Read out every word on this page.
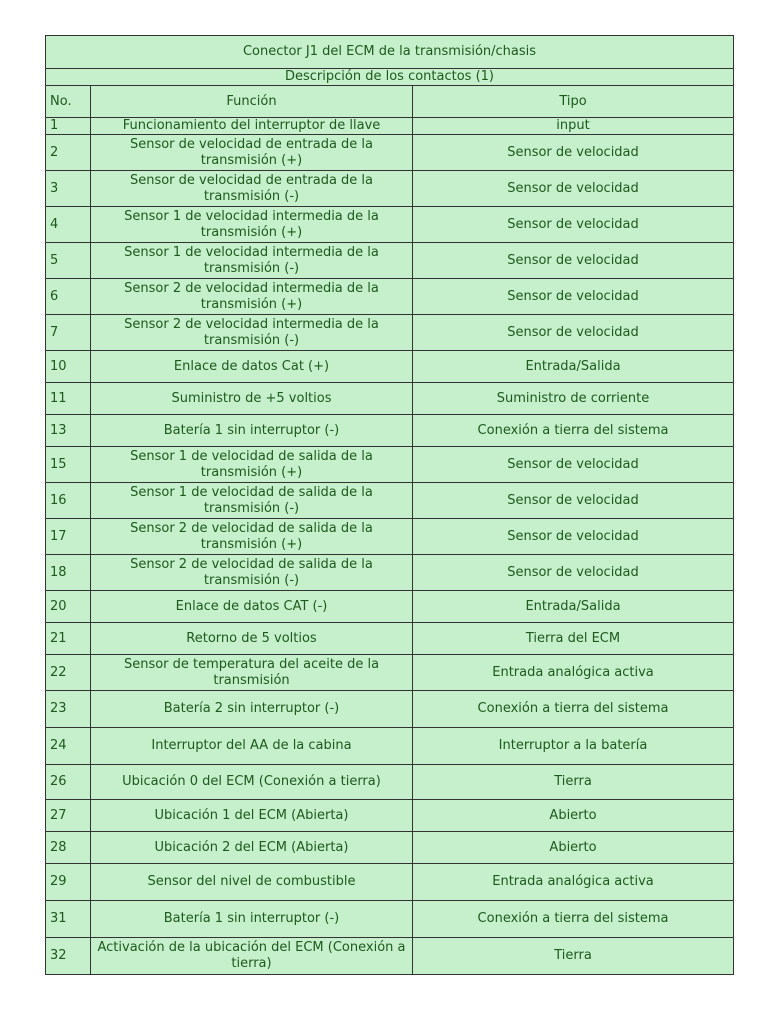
Conector J1 del ECM de la transmisión/chasis		
Descripción de los contactos (1)		
No.	Función	Tipo
1	Funcionamiento del interruptor de llave	input
2	Sensor de velocidad de entrada de la transmisión (+)	Sensor de velocidad
3	Sensor de velocidad de entrada de la transmisión (-)	Sensor de velocidad
4	Sensor 1 de velocidad intermedia de la transmisión (+)	Sensor de velocidad
5	Sensor 1 de velocidad intermedia de la transmisión (-)	Sensor de velocidad
6	Sensor 2 de velocidad intermedia de la transmisión (+)	Sensor de velocidad
7	Sensor 2 de velocidad intermedia de la transmisión (-)	Sensor de velocidad
10	Enlace de datos Cat (+)	Entrada/Salida
11	Suministro de +5 voltios	Suministro de corriente
13	Batería 1 sin interruptor (-)	Conexión a tierra del sistema
15	Sensor 1 de velocidad de salida de la transmisión (+)	Sensor de velocidad
16	Sensor 1 de velocidad de salida de la transmisión (-)	Sensor de velocidad
17	Sensor 2 de velocidad de salida de la transmisión (+)	Sensor de velocidad
18	Sensor 2 de velocidad de salida de la transmisión (-)	Sensor de velocidad
20	Enlace de datos CAT (-)	Entrada/Salida
21	Retorno de 5 voltios	Tierra del ECM
22	Sensor de temperatura del aceite de la transmisión	Entrada analógica activa
23	Batería 2 sin interruptor (-)	Conexión a tierra del sistema
24	Interruptor del AA de la cabina	Interruptor a la batería
26	Ubicación 0 del ECM (Conexión a tierra)	Tierra
27	Ubicación 1 del ECM (Abierta)	Abierto
28	Ubicación 2 del ECM (Abierta)	Abierto
29	Sensor del nivel de combustible	Entrada analógica activa
31	Batería 1 sin interruptor (-)	Conexión a tierra del sistema
32	Activación de la ubicación del ECM (Conexión a tierra)	Tierra
